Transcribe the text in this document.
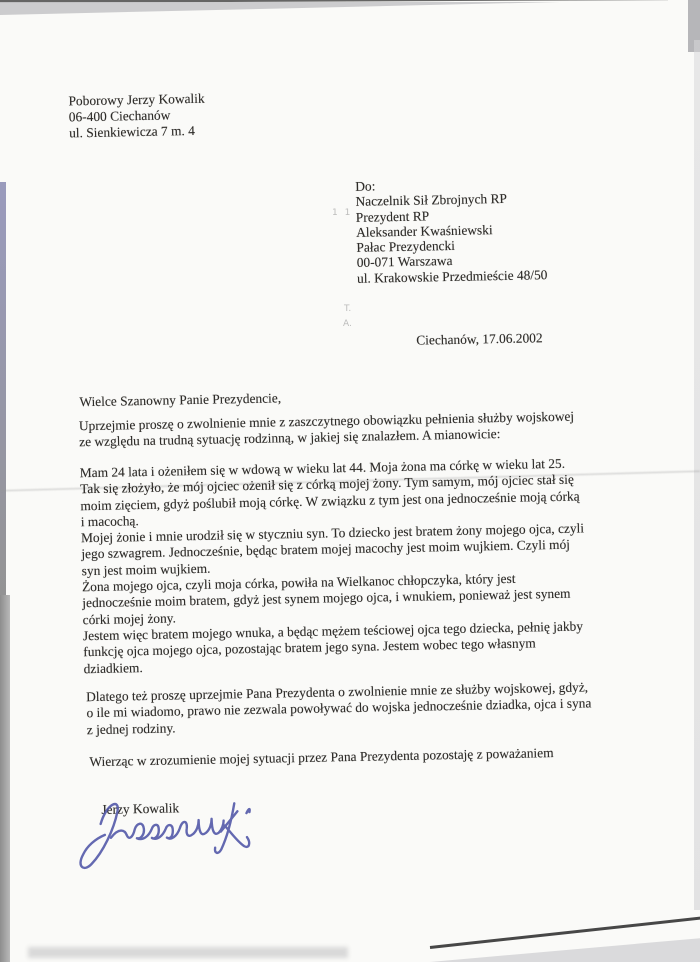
1 1
T.
A.
Poborowy Jerzy Kowalik
06-400 Ciechanów
ul. Sienkiewicza 7 m. 4
Do:
Naczelnik Sił Zbrojnych RP
Prezydent RP
Aleksander Kwaśniewski
Pałac Prezydencki
00-071 Warszawa
ul. Krakowskie Przedmieście 48/50
Ciechanów, 17.06.2002
Wielce Szanowny Panie Prezydencie,
Uprzejmie proszę o zwolnienie mnie z zaszczytnego obowiązku pełnienia służby wojskowej
ze względu na trudną sytuację rodzinną, w jakiej się znalazłem. A mianowicie:
Mam 24 lata i ożeniłem się w wdową w wieku lat 44. Moja żona ma córkę w wieku lat 25.
Tak się złożyło, że mój ojciec ożenił się z córką mojej żony. Tym samym, mój ojciec stał się
moim zięciem, gdyż poślubił moją córkę. W związku z tym jest ona jednocześnie moją córką
i macochą.
Mojej żonie i mnie urodził się w styczniu syn. To dziecko jest bratem żony mojego ojca, czyli
jego szwagrem. Jednocześnie, będąc bratem mojej macochy jest moim wujkiem. Czyli mój
syn jest moim wujkiem.
Żona mojego ojca, czyli moja córka, powiła na Wielkanoc chłopczyka, który jest
jednocześnie moim bratem, gdyż jest synem mojego ojca, i wnukiem, ponieważ jest synem
córki mojej żony.
Jestem więc bratem mojego wnuka, a będąc mężem teściowej ojca tego dziecka, pełnię jakby
funkcję ojca mojego ojca, pozostając bratem jego syna. Jestem wobec tego własnym
dziadkiem.
Dlatego też proszę uprzejmie Pana Prezydenta o zwolnienie mnie ze służby wojskowej, gdyż,
o ile mi wiadomo, prawo nie zezwala powoływać do wojska jednocześnie dziadka, ojca i syna
z jednej rodziny.
Wierząc w zrozumienie mojej sytuacji przez Pana Prezydenta pozostaję z poważaniem
Jerzy Kowalik
